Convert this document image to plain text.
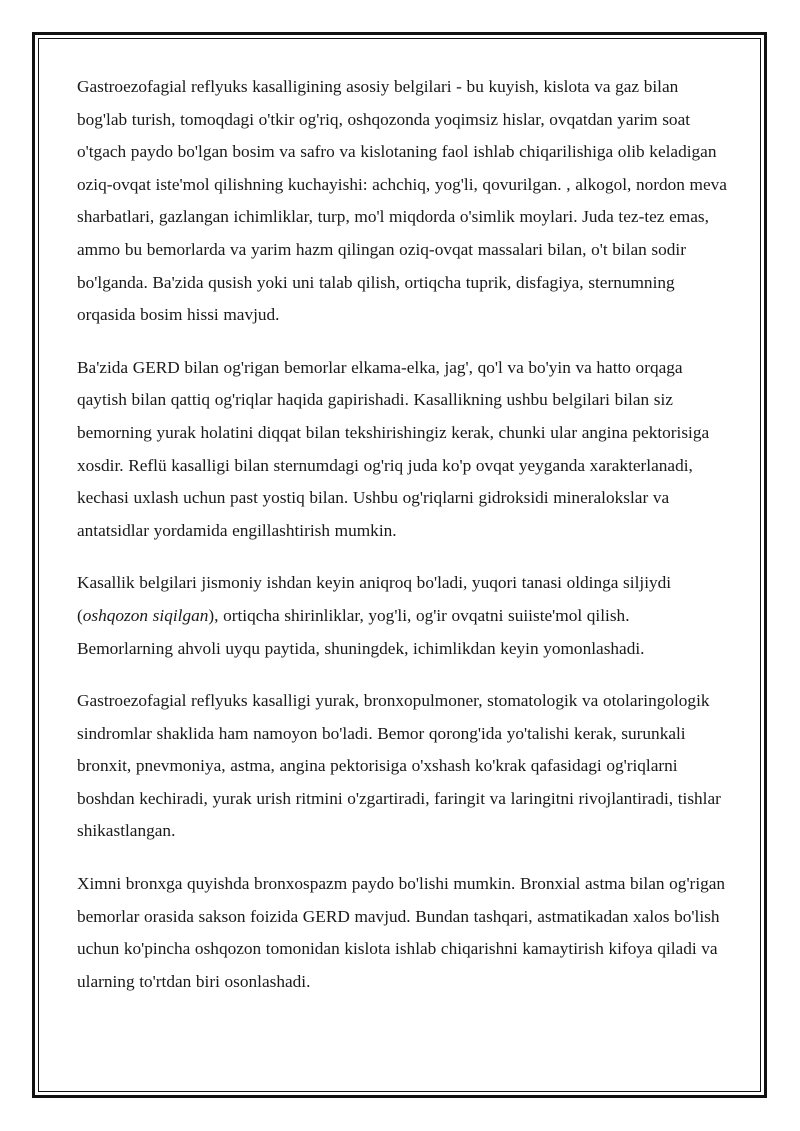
Gastroezofagial reflyuks kasalligining asosiy belgilari - bu kuyish, kislota va gaz bilan bog'lab turish, tomoqdagi o'tkir og'riq, oshqozonda yoqimsiz hislar, ovqatdan yarim soat o'tgach paydo bo'lgan bosim va safro va kislotaning faol ishlab chiqarilishiga olib keladigan oziq-ovqat iste'mol qilishning kuchayishi: achchiq, yog'li, qovurilgan. , alkogol, nordon meva sharbatlari, gazlangan ichimliklar, turp, mo'l miqdorda o'simlik moylari. Juda tez-tez emas, ammo bu bemorlarda va yarim hazm qilingan oziq-ovqat massalari bilan, o't bilan sodir bo'lganda. Ba'zida qusish yoki uni talab qilish, ortiqcha tuprik, disfagiya, sternumning orqasida bosim hissi mavjud.

Ba'zida GERD bilan og'rigan bemorlar elkama-elka, jag', qo'l va bo'yin va hatto orqaga qaytish bilan qattiq og'riqlar haqida gapirishadi. Kasallikning ushbu belgilari bilan siz bemorning yurak holatini diqqat bilan tekshirishingiz kerak, chunki ular angina pektorisiga xosdir. Reflü kasalligi bilan sternumdagi og'riq juda ko'p ovqat yeyganda xarakterlanadi, kechasi uxlash uchun past yostiq bilan. Ushbu og'riqlarni gidroksidi mineralokslar va antatsidlar yordamida engillashtirish mumkin.

Kasallik belgilari jismoniy ishdan keyin aniqroq bo'ladi, yuqori tanasi oldinga siljiydi (oshqozon siqilgan), ortiqcha shirinliklar, yog'li, og'ir ovqatni suiiste'mol qilish. Bemorlarning ahvoli uyqu paytida, shuningdek, ichimlikdan keyin yomonlashadi.

Gastroezofagial reflyuks kasalligi yurak, bronxopulmoner, stomatologik va otolaringologik sindromlar shaklida ham namoyon bo'ladi. Bemor qorong'ida yo'talishi kerak, surunkali bronxit, pnevmoniya, astma, angina pektorisiga o'xshash ko'krak qafasidagi og'riqlarni boshdan kechiradi, yurak urish ritmini o'zgartiradi, faringit va laringitni rivojlantiradi, tishlar shikastlangan.

Ximni bronxga quyishda bronxospazm paydo bo'lishi mumkin. Bronxial astma bilan og'rigan bemorlar orasida sakson foizida GERD mavjud. Bundan tashqari, astmatikadan xalos bo'lish uchun ko'pincha oshqozon tomonidan kislota ishlab chiqarishni kamaytirish kifoya qiladi va ularning to'rtdan biri osonlashadi.
